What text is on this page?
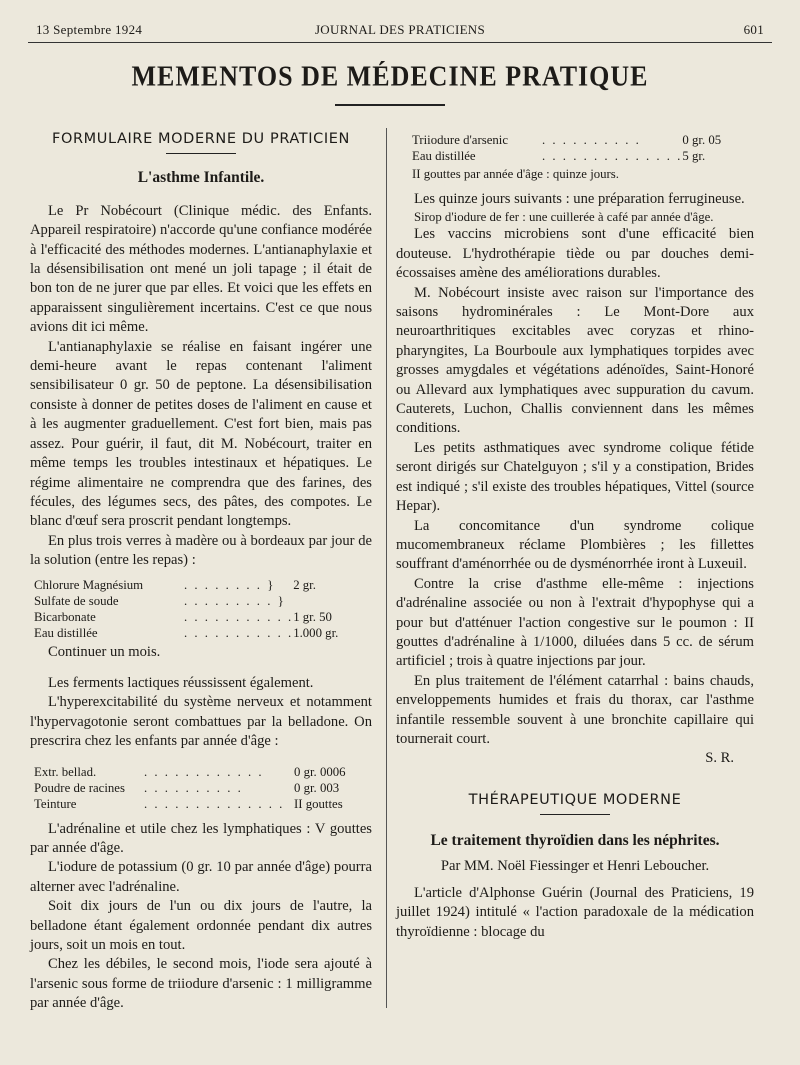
13 Septembre 1924	JOURNAL DES PRATICIENS	601
MEMENTOS DE MÉDECINE PRATIQUE
FORMULAIRE MODERNE DU PRATICIEN
L'asthme Infantile.

Le Pr Nobécourt (Clinique médic. des Enfants. Appareil respiratoire) n'accorde qu'une confiance modérée à l'efficacité des méthodes modernes. L'antianaphylaxie et la désensibilisation ont mené un joli tapage ; il était de bon ton de ne jurer que par elles. Et voici que les effets en apparaissent singulièrement incertains. C'est ce que nous avions dit ici même.

L'antianaphylaxie se réalise en faisant ingérer une demi-heure avant le repas contenant l'aliment sensibilisateur 0 gr. 50 de peptone. La désensibilisation consiste à donner de petites doses de l'aliment en cause et à les augmenter graduellement. C'est fort bien, mais pas assez. Pour guérir, il faut, dit M. Nobécourt, traiter en même temps les troubles intestinaux et hépatiques. Le régime alimentaire ne comprendra que des farines, des fécules, des légumes secs, des pâtes, des compotes. Le blanc d'œuf sera proscrit pendant longtemps.

En plus trois verres à madère ou à bordeaux par jour de la solution (entre les repas) :

Chlorure Magnésium	. . . . . . . . }	2 gr.
Sulfate de soude	. . . . . . . . . }	
Bicarbonate	. . . . . . . . . . .	1 gr. 50
Eau distillée	. . . . . . . . . . .	1.000 gr.

Continuer un mois.

Les ferments lactiques réussissent également.

L'hyperexcitabilité du système nerveux et notamment l'hypervagotonie seront combattues par la belladone. On prescrira chez les enfants par année d'âge :

Extr. bellad.	. . . . . . . . . . . .	0 gr. 0006
Poudre de racines	. . . . . . . . . .	0 gr. 003
Teinture	. . . . . . . . . . . . . .	II gouttes

L'adrénaline et utile chez les lymphatiques : V gouttes par année d'âge.

L'iodure de potassium (0 gr. 10 par année d'âge) pourra alterner avec l'adrénaline.

Soit dix jours de l'un ou dix jours de l'autre, la belladone étant également ordonnée pendant dix autres jours, soit un mois en tout.

Chez les débiles, le second mois, l'iode sera ajouté à l'arsenic sous forme de triiodure d'arsenic : 1 milligramme par année d'âge.

Triiodure d'arsenic	. . . . . . . . . .	0 gr. 05
Eau distillée	. . . . . . . . . . . . . .	5 gr.
II gouttes par année d'âge : quinze jours.

Les quinze jours suivants : une préparation ferrugineuse.

Sirop d'iodure de fer : une cuillerée à café par année d'âge.

Les vaccins microbiens sont d'une efficacité bien douteuse. L'hydrothérapie tiède ou par douches demi-écossaises amène des améliorations durables.

M. Nobécourt insiste avec raison sur l'importance des saisons hydrominérales : Le Mont-Dore aux neuroarthritiques excitables avec coryzas et rhino-pharyngites, La Bourboule aux lymphatiques torpides avec grosses amygdales et végétations adénoïdes, Saint-Honoré ou Allevard aux lymphatiques avec suppuration du cavum. Cauterets, Luchon, Challis conviennent dans les mêmes conditions.

Les petits asthmatiques avec syndrome colique fétide seront dirigés sur Chatelguyon ; s'il y a constipation, Brides est indiqué ; s'il existe des troubles hépatiques, Vittel (source Hepar).

La concomitance d'un syndrome colique mucomembraneux réclame Plombières ; les fillettes souffrant d'aménorrhée ou de dysménorrhée iront à Luxeuil.

Contre la crise d'asthme elle-même : injections d'adrénaline associée ou non à l'extrait d'hypophyse qui a pour but d'atténuer l'action congestive sur le poumon : II gouttes d'adrénaline à 1/1000, diluées dans 5 cc. de sérum artificiel ; trois à quatre injections par jour.

En plus traitement de l'élément catarrhal : bains chauds, enveloppements humides et frais du thorax, car l'asthme infantile ressemble souvent à une bronchite capillaire qui tournerait court.

S. R.
THÉRAPEUTIQUE MODERNE
Le traitement thyroïdien dans les néphrites.
Par MM. Noël Fiessinger et Henri Leboucher.

L'article d'Alphonse Guérin (Journal des Praticiens, 19 juillet 1924) intitulé « l'action paradoxale de la médication thyroïdienne : blocage du
